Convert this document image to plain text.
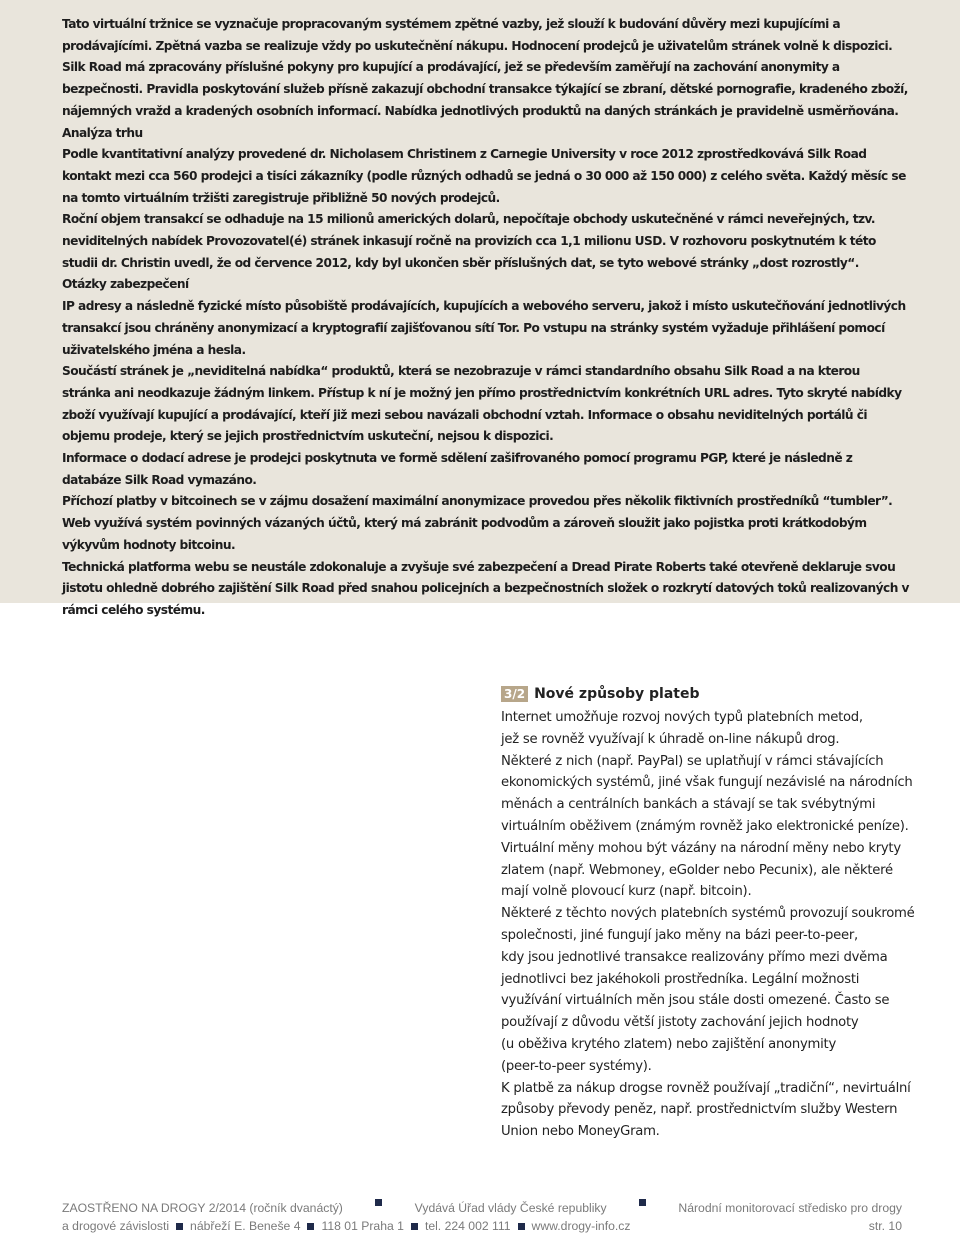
Tato virtuální tržnice se vyznačuje propracovaným systémem zpětné vazby, jež slouží k budování důvěry mezi kupujícími a prodávajícími. Zpětná vazba se realizuje vždy po uskutečnění nákupu. Hodnocení prodejců je uživatelům stránek volně k dispozici.

Silk Road má zpracovány příslušné pokyny pro kupující a prodávající, jež se především zaměřují na zachování anonymity a bezpečnosti. Pravidla poskytování služeb přísně zakazují obchodní transakce týkající se zbraní, dětské pornografie, kradeného zboží, nájemných vražd a kradených osobních informací. Nabídka jednotlivých produktů na daných stránkách je pravidelně usměrňována.

Analýza trhu

Podle kvantitativní analýzy provedené dr. Nicholasem Christinem z Carnegie University v roce 2012 zprostředkovává Silk Road kontakt mezi cca 560 prodejci a tisíci zákazníky (podle různých odhadů se jedná o 30 000 až 150 000) z celého světa. Každý měsíc se na tomto virtuálním tržišti zaregistruje přibližně 50 nových prodejců.

Roční objem transakcí se odhaduje na 15 milionů amerických dolarů, nepočítaje obchody uskutečněné v rámci neveřejných, tzv. neviditelných nabídek Provozovatel(é) stránek inkasují ročně na provizích cca 1,1 milionu USD. V rozhovoru poskytnutém k této studii dr. Christin uvedl, že od července 2012, kdy byl ukončen sběr příslušných dat, se tyto webové stránky „dost rozrostly“.

Otázky zabezpečení

IP adresy a následně fyzické místo působiště prodávajících, kupujících a webového serveru, jakož i místo uskutečňování jednotlivých transakcí jsou chráněny anonymizací a kryptografií zajišťovanou sítí Tor. Po vstupu na stránky systém vyžaduje přihlášení pomocí uživatelského jména a hesla.

Součástí stránek je „neviditelná nabídka“ produktů, která se nezobrazuje v rámci standardního obsahu Silk Road a na kterou stránka ani neodkazuje žádným linkem. Přístup k ní je možný jen přímo prostřednictvím konkrétních URL adres. Tyto skryté nabídky zboží využívají kupující a prodávající, kteří již mezi sebou navázali obchodní vztah. Informace o obsahu neviditelných portálů či objemu prodeje, který se jejich prostřednictvím uskuteční, nejsou k dispozici.

Informace o dodací adrese je prodejci poskytnuta ve formě sdělení zašifrovaného pomocí programu PGP, které je následně z databáze Silk Road vymazáno.

Příchozí platby v bitcoinech se v zájmu dosažení maximální anonymizace provedou přes několik fiktivních prostředníků “tumbler”. Web využívá systém povinných vázaných účtů, který má zabránit podvodům a zároveň sloužit jako pojistka proti krátkodobým výkyvům hodnoty bitcoinu.

Technická platforma webu se neustále zdokonaluje a zvyšuje své zabezpečení a Dread Pirate Roberts také otevřeně deklaruje svou jistotu ohledně dobrého zajištění Silk Road před snahou policejních a bezpečnostních složek o rozkrytí datových toků realizovaných v rámci celého systému.

3/2 Nové způsoby plateb

Internet umožňuje rozvoj nových typů platebních metod,

jež se rovněž využívají k úhradě on-line nákupů drog.

Některé z nich (např. PayPal) se uplatňují v rámci stávajících

ekonomických systémů, jiné však fungují nezávislé na národních

měnách a centrálních bankách a stávají se tak svébytnými

virtuálním oběživem (známým rovněž jako elektronické peníze).

Virtuální měny mohou být vázány na národní měny nebo kryty

zlatem (např. Webmoney, eGolder nebo Pecunix), ale některé

mají volně plovoucí kurz (např. bitcoin).

Některé z těchto nových platebních systémů provozují soukromé

společnosti, jiné fungují jako měny na bázi peer-to-peer,

kdy jsou jednotlivé transakce realizovány přímo mezi dvěma

jednotlivci bez jakéhokoli prostředníka. Legální možnosti

využívání virtuálních měn jsou stále dosti omezené. Často se

používají z důvodu větší jistoty zachování jejich hodnoty

(u oběživa krytého zlatem) nebo zajištění anonymity

(peer-to-peer systémy).

K platbě za nákup drogse rovněž používají „tradiční“, nevirtuální

způsoby převody peněz, např. prostřednictvím služby Western

Union nebo MoneyGram.

ZAOSTŘENO NA DROGY 2/2014 (ročník dvanáctý)	Vydává Úřad vlády České republiky	Národní monitorovací středisko pro drogy
a drogové závislosti nábřeží E. Beneše 4 118 01 Praha 1 tel. 224 002 111 www.drogy-info.cz	str. 10
